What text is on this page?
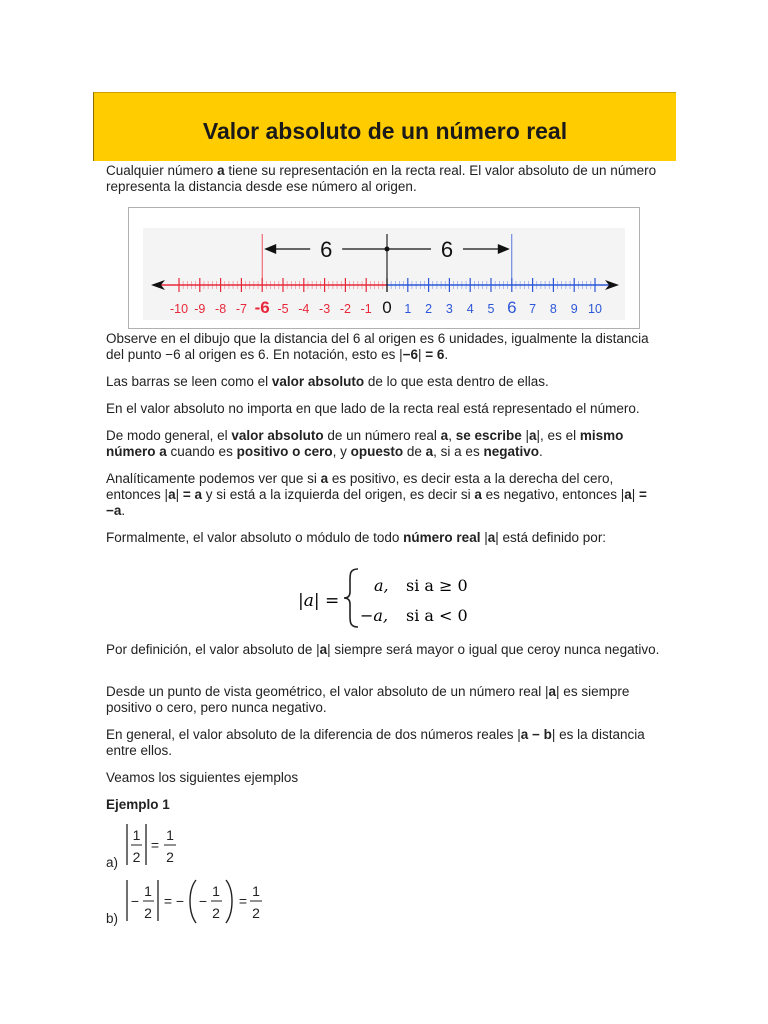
Valor absoluto de un número real

Cualquier número a tiene su representación en la recta real. El valor absoluto de un número representa la distancia desde ese número al origen.

-10 -9 -8 -7 -6 -5 -4 -3 -2 -1 0 1 2 3 4 5 6 7 8 9 10
6	6

Observe en el dibujo que la distancia del 6 al origen es 6 unidades, igualmente la distancia del punto −6 al origen es 6. En notación, esto es |−6| = 6.

Las barras se leen como el valor absoluto de lo que esta dentro de ellas.

En el valor absoluto no importa en que lado de la recta real está representado el número.

De modo general, el valor absoluto de un número real a, se escribe |a|, es el mismo número a cuando es positivo o cero, y opuesto de a, si a es negativo.

Analíticamente podemos ver que si a es positivo, es decir esta a la derecha del cero, entonces |a| = a y si está a la izquierda del origen, es decir si a es negativo, entonces |a| = −a.

Formalmente, el valor absoluto o módulo de todo número real |a| está definido por:

|a| =
a, si a ≥ 0
−a, si a < 0

Por definición, el valor absoluto de |a| siempre será mayor o igual que ceroy nunca negativo.

Desde un punto de vista geométrico, el valor absoluto de un número real |a| es siempre positivo o cero, pero nunca negativo.

En general, el valor absoluto de la diferencia de dos números reales |a − b| es la distancia entre ellos.

Veamos los siguientes ejemplos

Ejemplo 1

a)
1
2
=
1
2
b)
−
1
2
= − −
1
2
=
1
2
